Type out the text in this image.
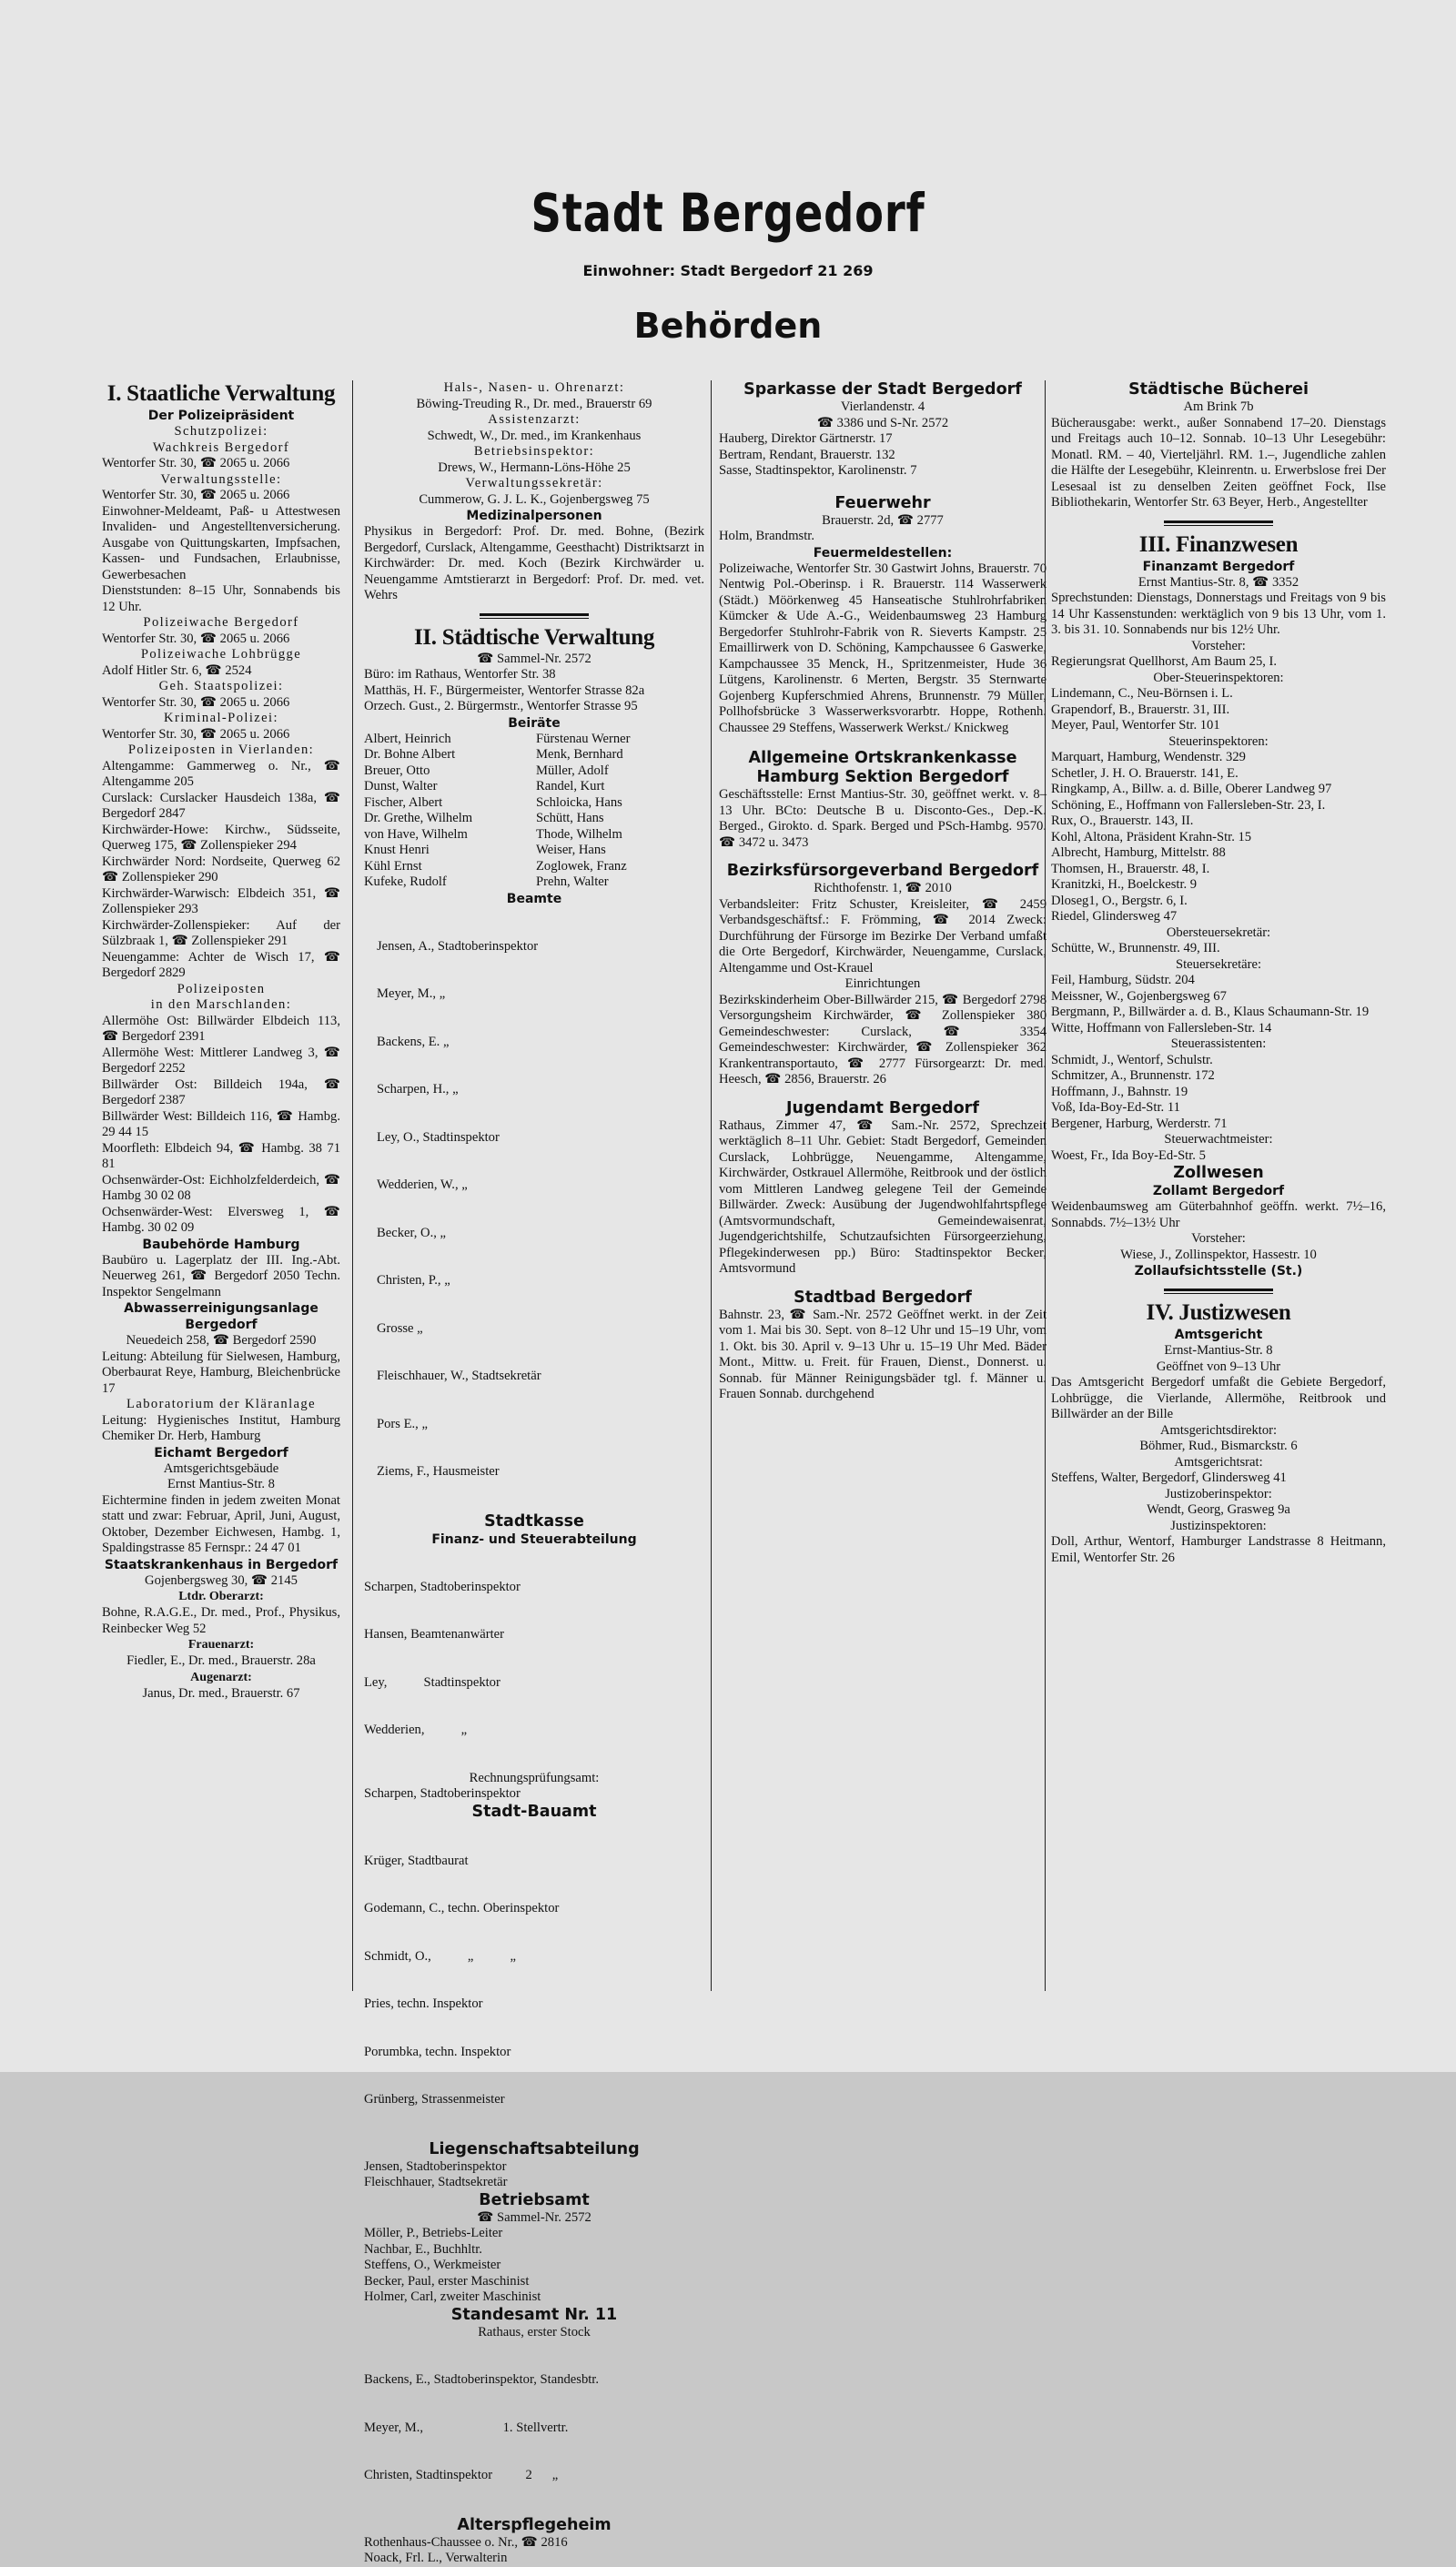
Stadt Bergedorf

Einwohner: Stadt Bergedorf 21 269

Behörden

I. Staatliche Verwaltung

Der Polizeipräsident

Schutzpolizei:

Wachkreis Bergedorf

Wentorfer Str. 30, ☎ 2065 u. 2066

Verwaltungsstelle:

Wentorfer Str. 30, ☎ 2065 u. 2066

Einwohner-Meldeamt, Paß- u Attestwesen Invaliden- und Angestelltenversicherung. Ausgabe von Quittungskarten, Impfsachen, Kassen- und Fundsachen, Erlaubnisse, Gewerbesachen

Dienststunden: 8–15 Uhr, Sonnabends bis 12 Uhr.

Polizeiwache Bergedorf

Wentorfer Str. 30, ☎ 2065 u. 2066

Polizeiwache Lohbrügge

Adolf Hitler Str. 6, ☎ 2524

Geh. Staatspolizei:

Wentorfer Str. 30, ☎ 2065 u. 2066

Kriminal-Polizei:

Wentorfer Str. 30, ☎ 2065 u. 2066

Polizeiposten in Vierlanden:

Altengamme: Gammerweg o. Nr., ☎ Altengamme 205

Curslack: Curslacker Hausdeich 138a, ☎ Bergedorf 2847

Kirchwärder-Howe: Kirchw., Südsseite, Querweg 175, ☎ Zollenspieker 294

Kirchwärder Nord: Nordseite, Querweg 62 ☎ Zollenspieker 290

Kirchwärder-Warwisch: Elbdeich 351, ☎ Zollenspieker 293

Kirchwärder-Zollenspieker: Auf der Sülzbraak 1, ☎ Zollenspieker 291

Neuengamme: Achter de Wisch 17, ☎ Bergedorf 2829

Polizeiposten

in den Marschlanden:

Allermöhe Ost: Billwärder Elbdeich 113, ☎ Bergedorf 2391

Allermöhe West: Mittlerer Landweg 3, ☎ Bergedorf 2252

Billwärder Ost: Billdeich 194a, ☎ Bergedorf 2387

Billwärder West: Billdeich 116, ☎ Hambg. 29 44 15

Moorfleth: Elbdeich 94, ☎ Hambg. 38 71 81

Ochsenwärder-Ost: Eichholzfelderdeich, ☎ Hambg 30 02 08

Ochsenwärder-West: Elversweg 1, ☎ Hambg. 30 02 09

Baubehörde Hamburg

Baubüro u. Lagerplatz der III. Ing.-Abt. Neuerweg 261, ☎ Bergedorf 2050 Techn. Inspektor Sengelmann

Abwasserreinigungsanlage Bergedorf

Neuedeich 258, ☎ Bergedorf 2590

Leitung: Abteilung für Sielwesen, Hamburg, Oberbaurat Reye, Hamburg, Bleichenbrücke 17

Laboratorium der Kläranlage

Leitung: Hygienisches Institut, Hamburg Chemiker Dr. Herb, Hamburg

Eichamt Bergedorf

Amtsgerichtsgebäude

Ernst Mantius-Str. 8

Eichtermine finden in jedem zweiten Monat statt und zwar: Februar, April, Juni, August, Oktober, Dezember Eichwesen, Hambg. 1, Spaldingstrasse 85 Fernspr.: 24 47 01

Staatskrankenhaus in Bergedorf

Gojenbergsweg 30, ☎ 2145

Ltdr. Oberarzt:

Bohne, R.A.G.E., Dr. med., Prof., Physikus, Reinbecker Weg 52

Frauenarzt:

Fiedler, E., Dr. med., Brauerstr. 28a

Augenarzt:

Janus, Dr. med., Brauerstr. 67

Hals-, Nasen- u. Ohrenarzt:

Böwing-Treuding R., Dr. med., Brauerstr 69

Assistenzarzt:

Schwedt, W., Dr. med., im Krankenhaus

Betriebsinspektor:

Drews, W., Hermann-Löns-Höhe 25

Verwaltungssekretär:

Cummerow, G. J. L. K., Gojenbergsweg 75

Medizinalpersonen

Physikus in Bergedorf: Prof. Dr. med. Bohne, (Bezirk Bergedorf, Curslack, Altengamme, Geesthacht) Distriktsarzt in Kirchwärder: Dr. med. Koch (Bezirk Kirchwärder u. Neuengamme Amtstierarzt in Bergedorf: Prof. Dr. med. vet. Wehrs

II. Städtische Verwaltung

☎ Sammel-Nr. 2572

Büro: im Rathaus, Wentorfer Str. 38

Matthäs, H. F., Bürgermeister, Wentorfer Strasse 82a

Orzech. Gust., 2. Bürgermstr., Wentorfer Strasse 95

Beiräte

Albert, Heinrich

Dr. Bohne Albert

Breuer, Otto

Dunst, Walter

Fischer, Albert

Dr. Grethe, Wilhelm

von Have, Wilhelm

Knust Henri

Kühl Ernst

Kufeke, Rudolf

Fürstenau Werner

Menk, Bernhard

Müller, Adolf

Randel, Kurt

Schloicka, Hans

Schütt, Hans

Thode, Wilhelm

Weiser, Hans

Zoglowek, Franz

Prehn, Walter

Beamte

Jensen, A., Stadtoberinspektor

Meyer, M., „

Backens, E. „

Scharpen, H., „

Ley, O., Stadtinspektor

Wedderien, W., „

Becker, O., „

Christen, P., „

Grosse „

Fleischhauer, W., Stadtsekretär

Pors E., „

Ziems, F., Hausmeister

Stadtkasse

Finanz- und Steuerabteilung

Scharpen, Stadtoberinspektor

Hansen, Beamtenanwärter

Ley,           Stadtinspektor

Wedderien,           „

Rechnungsprüfungsamt:

Scharpen, Stadtoberinspektor

Stadt-Bauamt

Krüger, Stadtbaurat

Godemann, C., techn. Oberinspektor

Schmidt, O.,           „           „

Pries, techn. Inspektor

Porumbka, techn. Inspektor

Grünberg, Strassenmeister

Liegenschaftsabteilung

Jensen, Stadtoberinspektor

Fleischhauer, Stadtsekretär

Betriebsamt

☎ Sammel-Nr. 2572

Möller, P., Betriebs-Leiter

Nachbar, E., Buchhltr.

Steffens, O., Werkmeister

Becker, Paul, erster Maschinist

Holmer, Carl, zweiter Maschinist

Standesamt Nr. 11

Rathaus, erster Stock

Backens, E., Stadtoberinspektor, Standesbtr.

Meyer, M.,                        1. Stellvertr.

Christen, Stadtinspektor          2      „

Alterspflegeheim

Rothenhaus-Chaussee o. Nr., ☎ 2816

Noack, Frl. L., Verwalterin

Sparkasse der Stadt Bergedorf

Vierlandenstr. 4

☎ 3386 und S-Nr. 2572

Hauberg, Direktor Gärtnerstr. 17

Bertram, Rendant, Brauerstr. 132

Sasse, Stadtinspektor, Karolinenstr. 7

Feuerwehr

Brauerstr. 2d, ☎ 2777

Holm, Brandmstr.

Feuermeldestellen:

Polizeiwache, Wentorfer Str. 30 Gastwirt Johns, Brauerstr. 70 Nentwig Pol.-Oberinsp. i R. Brauerstr. 114 Wasserwerk (Städt.) Möörkenweg 45 Hanseatische Stuhlrohrfabriken Kümcker & Ude A.-G., Weidenbaumsweg 23 Hamburg Bergedorfer Stuhlrohr-Fabrik von R. Sieverts Kampstr. 25 Emaillirwerk von D. Schöning, Kampchaussee 6 Gaswerke, Kampchaussee 35 Menck, H., Spritzenmeister, Hude 36 Lütgens, Karolinenstr. 6 Merten, Bergstr. 35 Sternwarte Gojenberg Kupferschmied Ahrens, Brunnenstr. 79 Müller, Pollhofsbrücke 3 Wasserwerksvorarbtr. Hoppe, Rothenh. Chaussee 29 Steffens, Wasserwerk Werkst./ Knickweg

Allgemeine Ortskrankenkasse Hamburg Sektion Bergedorf

Geschäftsstelle: Ernst Mantius-Str. 30, geöffnet werkt. v. 8–13 Uhr. BCto: Deutsche B u. Disconto-Ges., Dep.-K. Berged., Girokto. d. Spark. Berged und PSch-Hambg. 9570. ☎ 3472 u. 3473

Bezirksfürsorgeverband Bergedorf

Richthofenstr. 1, ☎ 2010

Verbandsleiter: Fritz Schuster, Kreisleiter, ☎ 2459 Verbandsgeschäftsf.: F. Frömming, ☎ 2014 Zweck: Durchführung der Fürsorge im Bezirke Der Verband umfaßt die Orte Bergedorf, Kirchwärder, Neuengamme, Curslack, Altengamme und Ost-Krauel

Einrichtungen

Bezirkskinderheim Ober-Billwärder 215, ☎ Bergedorf 2798 Versorgungsheim Kirchwärder, ☎ Zollenspieker 380 Gemeindeschwester: Curslack, ☎ 3354 Gemeindeschwester: Kirchwärder, ☎ Zollenspieker 362 Krankentransportauto, ☎ 2777 Fürsorgearzt: Dr. med. Heesch, ☎ 2856, Brauerstr. 26

Jugendamt Bergedorf

Rathaus, Zimmer 47, ☎ Sam.-Nr. 2572, Sprechzeit werktäglich 8–11 Uhr. Gebiet: Stadt Bergedorf, Gemeinden Curslack, Lohbrügge, Neuengamme, Altengamme, Kirchwärder, Ostkrauel Allermöhe, Reitbrook und der östlich vom Mittleren Landweg gelegene Teil der Gemeinde Billwärder. Zweck: Ausübung der Jugendwohlfahrtspflege (Amtsvormundschaft, Gemeindewaisenrat, Jugendgerichtshilfe, Schutzaufsichten Fürsorgeerziehung, Pflegekinderwesen pp.) Büro: Stadtinspektor Becker, Amtsvormund

Stadtbad Bergedorf

Bahnstr. 23, ☎ Sam.-Nr. 2572 Geöffnet werkt. in der Zeit vom 1. Mai bis 30. Sept. von 8–12 Uhr und 15–19 Uhr, vom 1. Okt. bis 30. April v. 9–13 Uhr u. 15–19 Uhr Med. Bäder Mont., Mittw. u. Freit. für Frauen, Dienst., Donnerst. u. Sonnab. für Männer Reinigungsbäder tgl. f. Männer u. Frauen Sonnab. durchgehend

Städtische Bücherei

Am Brink 7b

Bücherausgabe: werkt., außer Sonnabend 17–20. Dienstags und Freitags auch 10–12. Sonnab. 10–13 Uhr Lesegebühr: Monatl. RM. – 40, Vierteljährl. RM. 1.–, Jugendliche zahlen die Hälfte der Lesegebühr, Kleinrentn. u. Erwerbslose frei Der Lesesaal ist zu denselben Zeiten geöffnet Fock, Ilse Bibliothekarin, Wentorfer Str. 63 Beyer, Herb., Angestellter

III. Finanzwesen

Finanzamt Bergedorf

Ernst Mantius-Str. 8, ☎ 3352

Sprechstunden: Dienstags, Donnerstags und Freitags von 9 bis 14 Uhr Kassenstunden: werktäglich von 9 bis 13 Uhr, vom 1. 3. bis 31. 10. Sonnabends nur bis 12½ Uhr.

Vorsteher:

Regierungsrat Quellhorst, Am Baum 25, I.

Ober-Steuerinspektoren:

Lindemann, C., Neu-Börnsen i. L.

Grapendorf, B., Brauerstr. 31, III.

Meyer, Paul, Wentorfer Str. 101

Steuerinspektoren:

Marquart, Hamburg, Wendenstr. 329

Schetler, J. H. O. Brauerstr. 141, E.

Ringkamp, A., Billw. a. d. Bille, Oberer Landweg 97

Schöning, E., Hoffmann von Fallersleben-Str. 23, I.

Rux, O., Brauerstr. 143, II.

Kohl, Altona, Präsident Krahn-Str. 15

Albrecht, Hamburg, Mittelstr. 88

Thomsen, H., Brauerstr. 48, I.

Kranitzki, H., Boelckestr. 9

Dloseg1, O., Bergstr. 6, I.

Riedel, Glindersweg 47

Obersteuersekretär:

Schütte, W., Brunnenstr. 49, III.

Steuersekretäre:

Feil, Hamburg, Südstr. 204

Meissner, W., Gojenbergsweg 67

Bergmann, P., Billwärder a. d. B., Klaus Schaumann-Str. 19

Witte, Hoffmann von Fallersleben-Str. 14

Steuerassistenten:

Schmidt, J., Wentorf, Schulstr.

Schmitzer, A., Brunnenstr. 172

Hoffmann, J., Bahnstr. 19

Voß, Ida-Boy-Ed-Str. 11

Bergener, Harburg, Werderstr. 71

Steuerwachtmeister:

Woest, Fr., Ida Boy-Ed-Str. 5

Zollwesen

Zollamt Bergedorf

Weidenbaumsweg am Güterbahnhof geöffn. werkt. 7½–16, Sonnabds. 7½–13½ Uhr

Vorsteher:

Wiese, J., Zollinspektor, Hassestr. 10

Zollaufsichtsstelle (St.)

IV. Justizwesen

Amtsgericht

Ernst-Mantius-Str. 8

Geöffnet von 9–13 Uhr

Das Amtsgericht Bergedorf umfaßt die Gebiete Bergedorf, Lohbrügge, die Vierlande, Allermöhe, Reitbrook und Billwärder an der Bille

Amtsgerichtsdirektor:

Böhmer, Rud., Bismarckstr. 6

Amtsgerichtsrat:

Steffens, Walter, Bergedorf, Glindersweg 41

Justizoberinspektor:

Wendt, Georg, Grasweg 9a

Justizinspektoren:

Doll, Arthur, Wentorf, Hamburger Landstrasse 8 Heitmann, Emil, Wentorfer Str. 26
